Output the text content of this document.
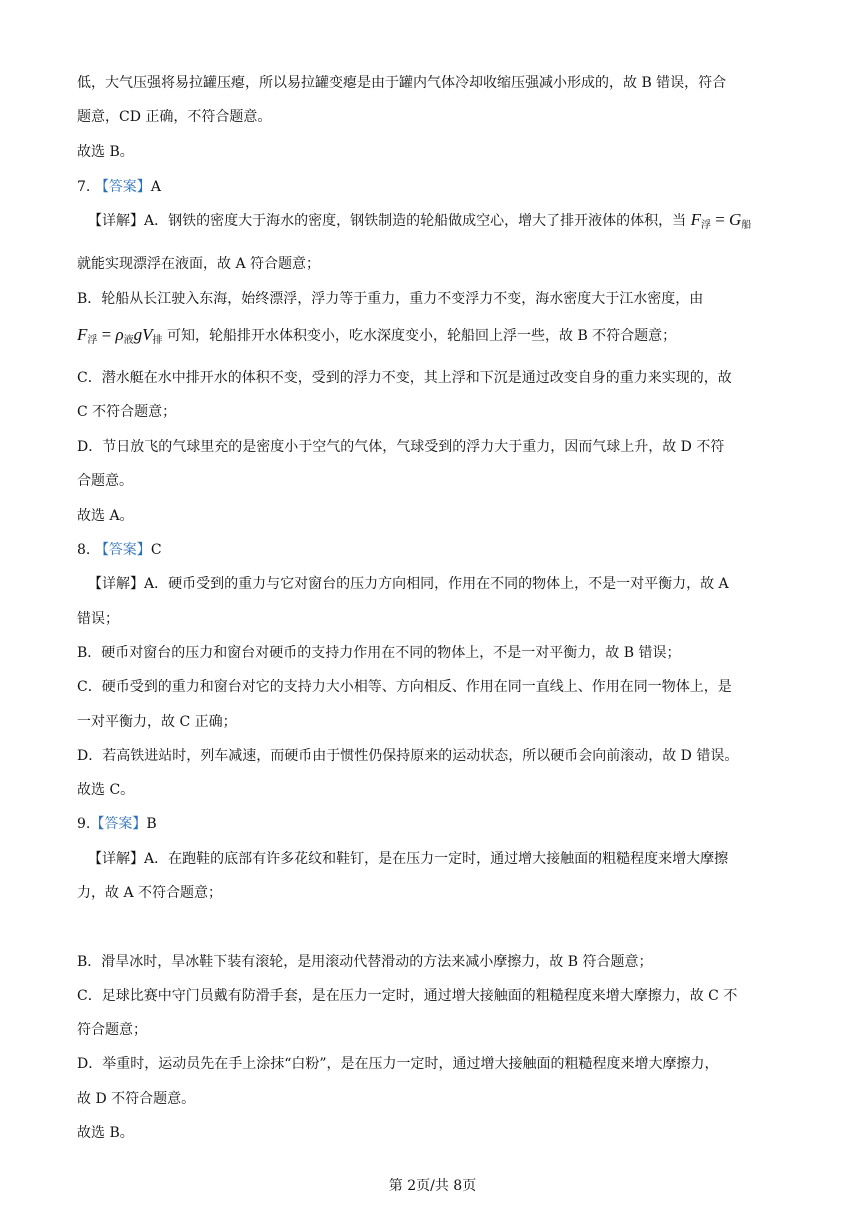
低，大气压强将易拉罐压瘪，所以易拉罐变瘪是由于罐内气体冷却收缩压强减小形成的，故 B 错误，符合
题意，CD 正确，不符合题意。
故选 B。
7. 【答案】A
【详解】A．钢铁的密度大于海水的密度，钢铁制造的轮船做成空心，增大了排开液体的体积，当 $F_浮 = G_船$
就能实现漂浮在液面，故 A 符合题意；
B．轮船从长江驶入东海，始终漂浮，浮力等于重力，重力不变浮力不变，海水密度大于江水密度，由
$F_浮 = \rho_液gV_排$ 可知，轮船排开水体积变小，吃水深度变小，轮船回上浮一些，故 B 不符合题意；
C．潜水艇在水中排开水的体积不变，受到的浮力不变，其上浮和下沉是通过改变自身的重力来实现的，故
C 不符合题意；
D．节日放飞的气球里充的是密度小于空气的气体，气球受到的浮力大于重力，因而气球上升，故 D 不符
合题意。
故选 A。
8. 【答案】C
【详解】A．硬币受到的重力与它对窗台的压力方向相同，作用在不同的物体上，不是一对平衡力，故 A
错误；
B．硬币对窗台的压力和窗台对硬币的支持力作用在不同的物体上，不是一对平衡力，故 B 错误；
C．硬币受到的重力和窗台对它的支持力大小相等、方向相反、作用在同一直线上、作用在同一物体上，是
一对平衡力，故 C 正确；
D．若高铁进站时，列车减速，而硬币由于惯性仍保持原来的运动状态，所以硬币会向前滚动，故 D 错误。
故选 C。
9.【答案】B
【详解】A．在跑鞋的底部有许多花纹和鞋钉，是在压力一定时，通过增大接触面的粗糙程度来增大摩擦
力，故 A 不符合题意；
B．滑旱冰时，旱冰鞋下装有滚轮，是用滚动代替滑动的方法来减小摩擦力，故 B 符合题意；
C．足球比赛中守门员戴有防滑手套，是在压力一定时，通过增大接触面的粗糙程度来增大摩擦力，故 C 不
符合题意；
D．举重时，运动员先在手上涂抹“白粉”，是在压力一定时，通过增大接触面的粗糙程度来增大摩擦力，
故 D 不符合题意。
故选 B。
第 2页/共 8页
